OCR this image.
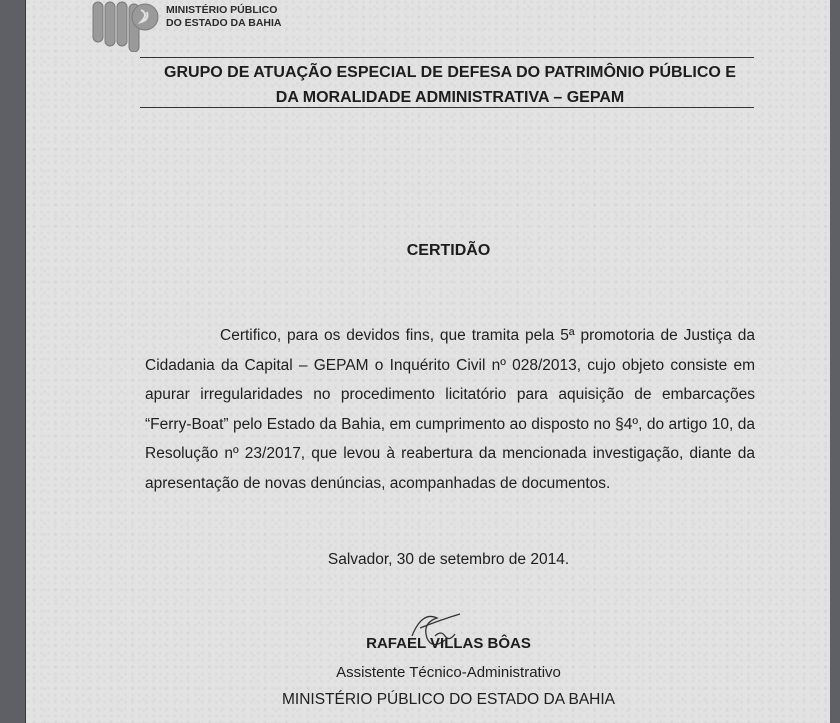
MINISTÉRIO PÚBLICO
DO ESTADO DA BAHIA
GRUPO DE ATUAÇÃO ESPECIAL DE DEFESA DO PATRIMÔNIO PÚBLICO E
DA MORALIDADE ADMINISTRATIVA – GEPAM
CERTIDÃO
Certifico, para os devidos fins, que tramita pela 5ª promotoria de Justiça da Cidadania da Capital – GEPAM o Inquérito Civil nº 028/2013, cujo objeto consiste em apurar irregularidades no procedimento licitatório para aquisição de embarcações “Ferry-Boat” pelo Estado da Bahia, em cumprimento ao disposto no §4º, do artigo 10, da Resolução nº 23/2017, que levou à reabertura da mencionada investigação, diante da apresentação de novas denúncias, acompanhadas de documentos.
Salvador, 30 de setembro de 2014.
RAFAEL VILLAS BÔAS
Assistente Técnico-Administrativo
MINISTÉRIO PÚBLICO DO ESTADO DA BAHIA
